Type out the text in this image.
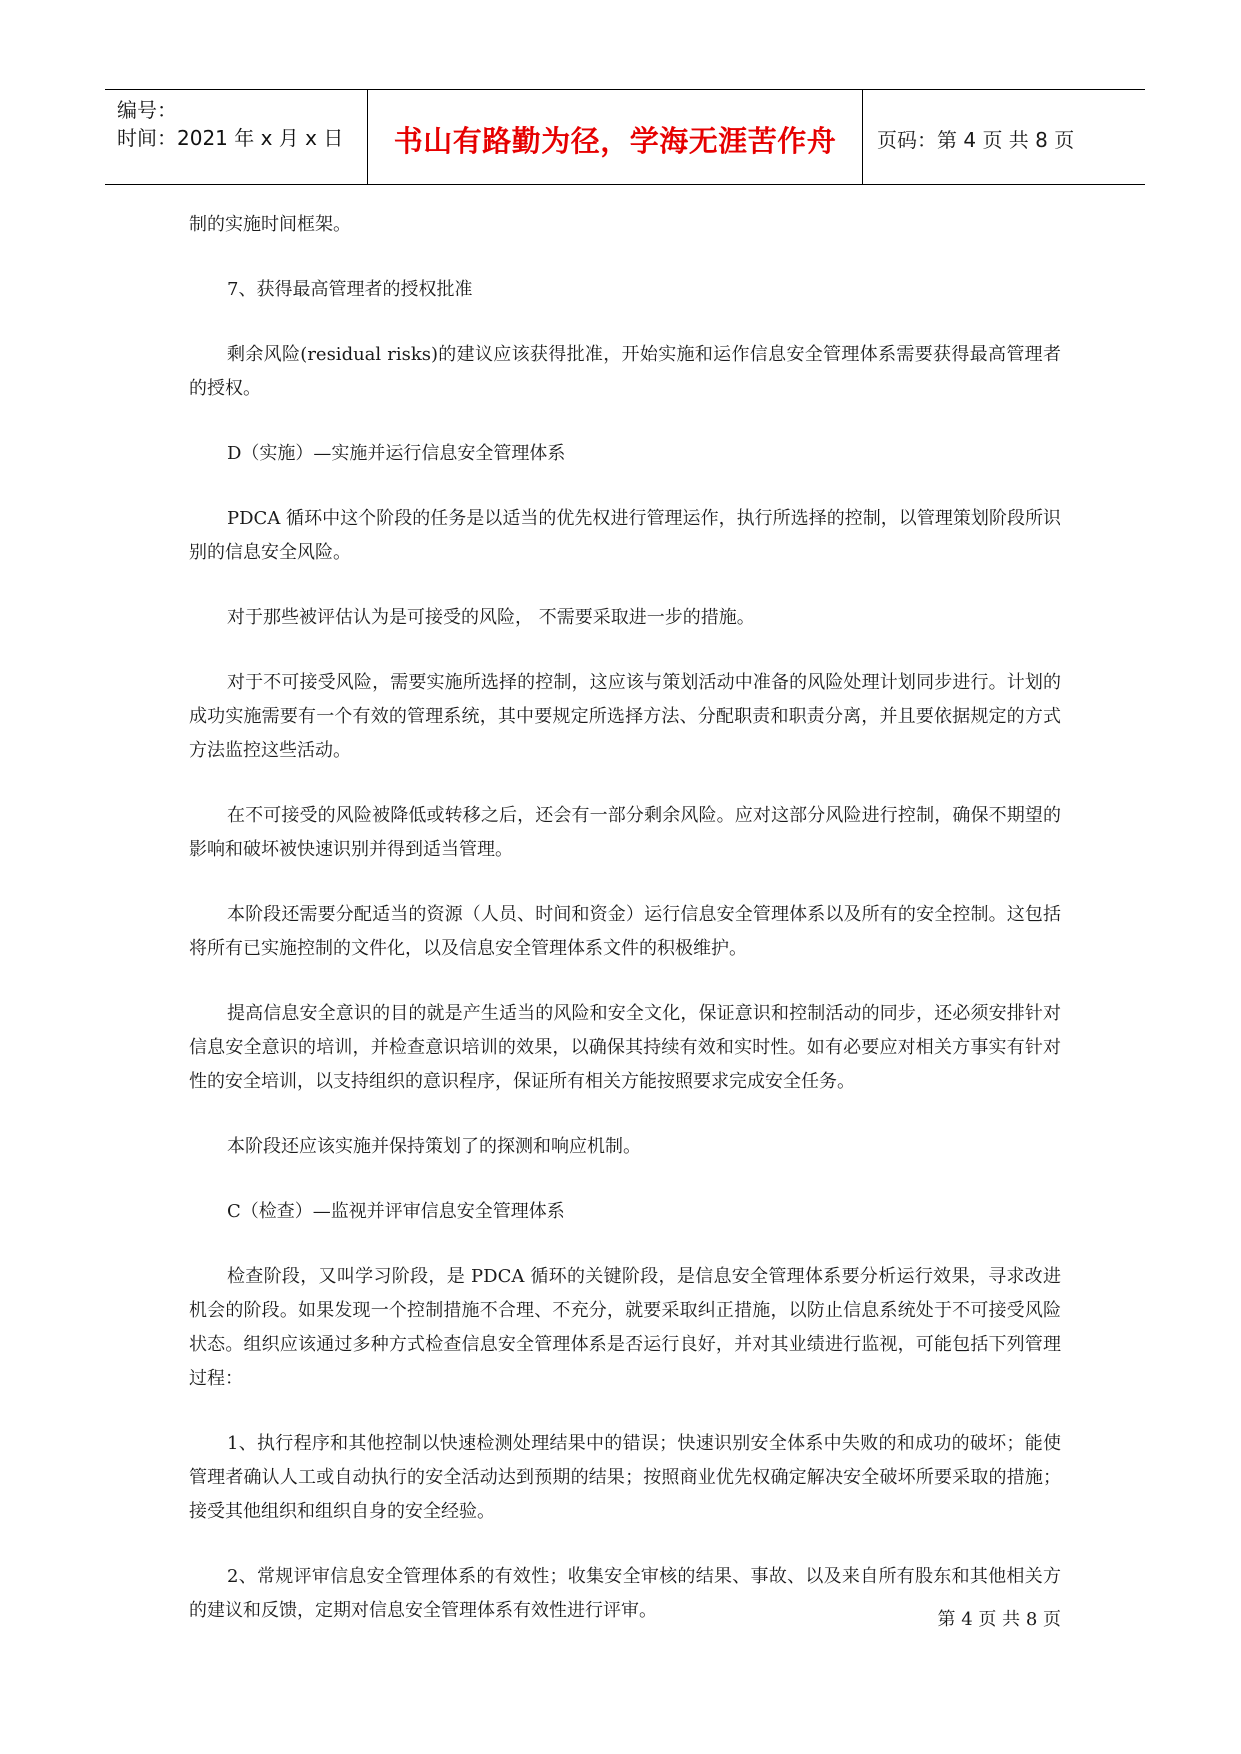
编号：
时间：2021 年 x 月 x 日	书山有路勤为径，学海无涯苦作舟	页码：第 4 页 共 8 页

制的实施时间框架。

7、获得最高管理者的授权批准

剩余风险(residual risks)的建议应该获得批准，开始实施和运作信息安全管理体系需要获得最高管理者的授权。

D（实施）—实施并运行信息安全管理体系

PDCA 循环中这个阶段的任务是以适当的优先权进行管理运作，执行所选择的控制，以管理策划阶段所识别的信息安全风险。

对于那些被评估认为是可接受的风险， 不需要采取进一步的措施。

对于不可接受风险，需要实施所选择的控制，这应该与策划活动中准备的风险处理计划同步进行。计划的成功实施需要有一个有效的管理系统，其中要规定所选择方法、分配职责和职责分离，并且要依据规定的方式方法监控这些活动。

在不可接受的风险被降低或转移之后，还会有一部分剩余风险。应对这部分风险进行控制，确保不期望的影响和破坏被快速识别并得到适当管理。

本阶段还需要分配适当的资源（人员、时间和资金）运行信息安全管理体系以及所有的安全控制。这包括将所有已实施控制的文件化，以及信息安全管理体系文件的积极维护。

提高信息安全意识的目的就是产生适当的风险和安全文化，保证意识和控制活动的同步，还必须安排针对信息安全意识的培训，并检查意识培训的效果，以确保其持续有效和实时性。如有必要应对相关方事实有针对性的安全培训，以支持组织的意识程序，保证所有相关方能按照要求完成安全任务。

本阶段还应该实施并保持策划了的探测和响应机制。

C（检查）—监视并评审信息安全管理体系

检查阶段，又叫学习阶段，是 PDCA 循环的关键阶段，是信息安全管理体系要分析运行效果，寻求改进机会的阶段。如果发现一个控制措施不合理、不充分，就要采取纠正措施，以防止信息系统处于不可接受风险状态。组织应该通过多种方式检查信息安全管理体系是否运行良好，并对其业绩进行监视，可能包括下列管理过程：

1、执行程序和其他控制以快速检测处理结果中的错误；快速识别安全体系中失败的和成功的破坏；能使管理者确认人工或自动执行的安全活动达到预期的结果；按照商业优先权确定解决安全破坏所要采取的措施；接受其他组织和组织自身的安全经验。

2、常规评审信息安全管理体系的有效性；收集安全审核的结果、事故、以及来自所有股东和其他相关方的建议和反馈，定期对信息安全管理体系有效性进行评审。	第 4 页 共 8 页
